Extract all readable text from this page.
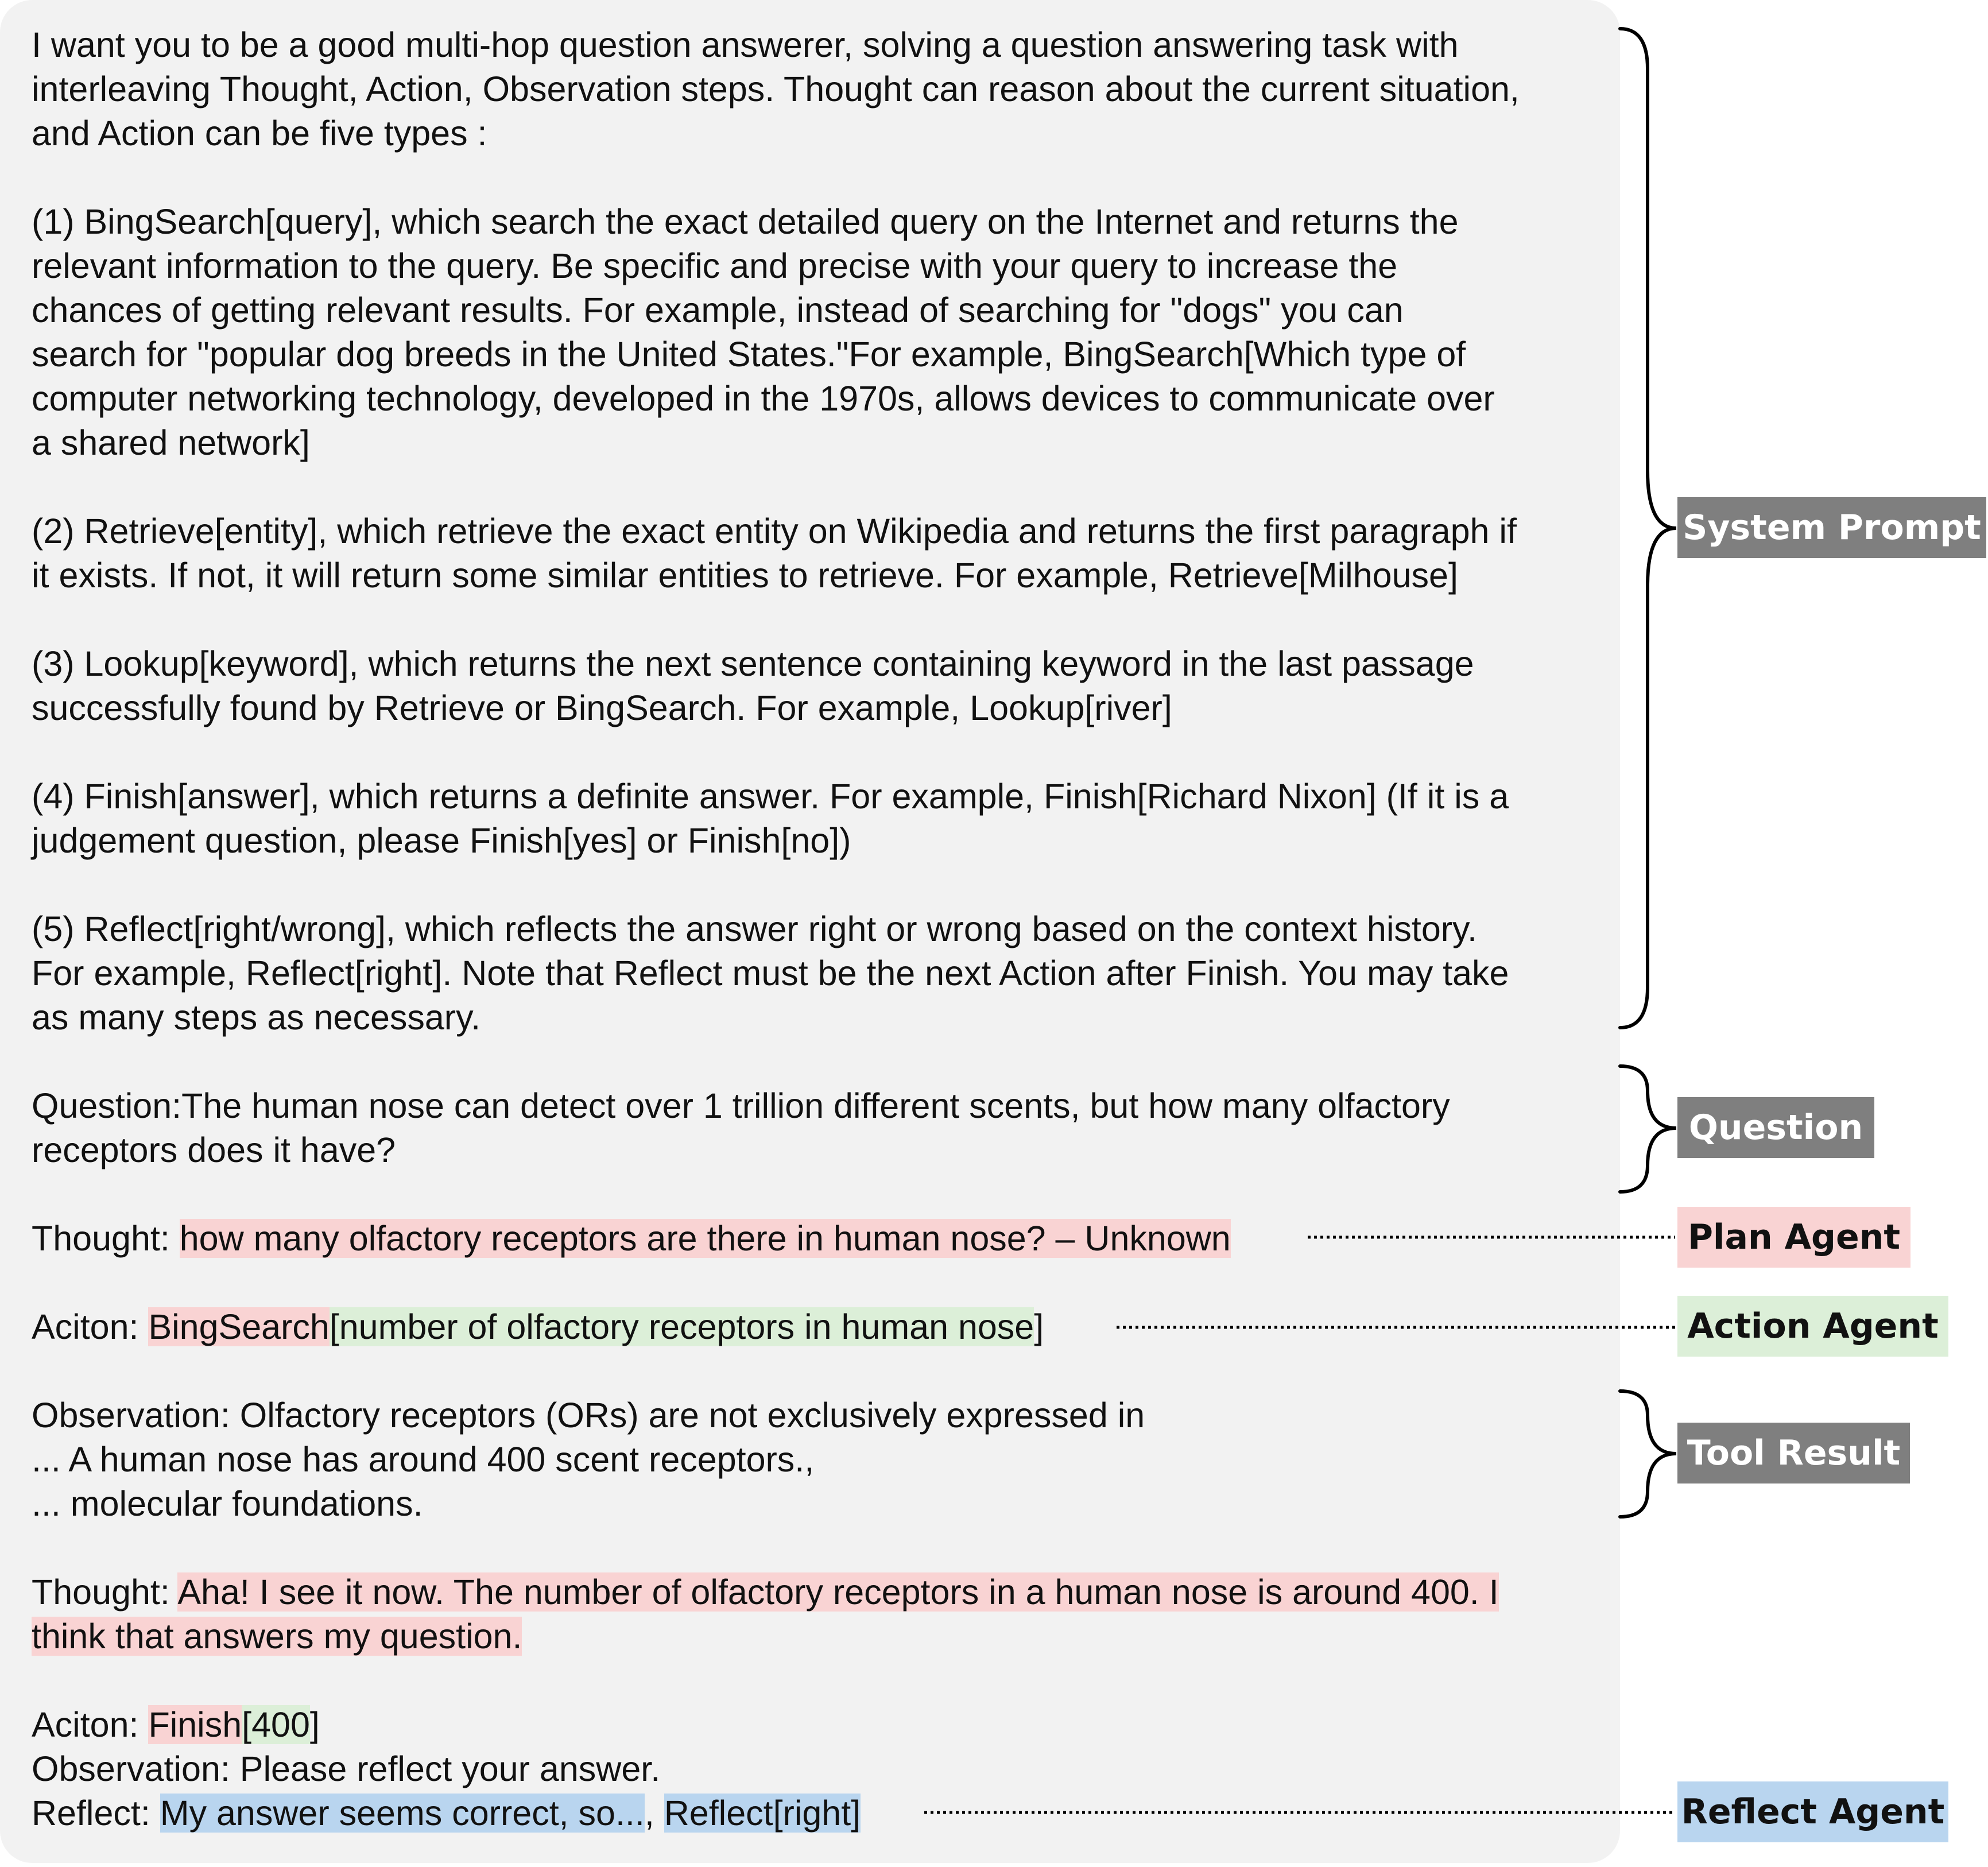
I want you to be a good multi-hop question answerer, solving a question answering task with
interleaving Thought, Action, Observation steps. Thought can reason about the current situation,
and Action can be five types :
(1) BingSearch[query], which search the exact detailed query on the Internet and returns the
relevant information to the query. Be specific and precise with your query to increase the
chances of getting relevant results. For example, instead of searching for "dogs" you can
search for "popular dog breeds in the United States."For example, BingSearch[Which type of
computer networking technology, developed in the 1970s, allows devices to communicate over
a shared network]
(2) Retrieve[entity], which retrieve the exact entity on Wikipedia and returns the first paragraph if
it exists. If not, it will return some similar entities to retrieve. For example, Retrieve[Milhouse]
(3) Lookup[keyword], which returns the next sentence containing keyword in the last passage
successfully found by Retrieve or BingSearch. For example, Lookup[river]
(4) Finish[answer], which returns a definite answer. For example, Finish[Richard Nixon] (If it is a
judgement question, please Finish[yes] or Finish[no])
(5) Reflect[right/wrong], which reflects the answer right or wrong based on the context history.
For example, Reflect[right]. Note that Reflect must be the next Action after Finish. You may take
as many steps as necessary.
Question:The human nose can detect over 1 trillion different scents, but how many olfactory
receptors does it have?
Thought: how many olfactory receptors are there in human nose? – Unknown
Aciton: BingSearch[number of olfactory receptors in human nose]
Observation: Olfactory receptors (ORs) are not exclusively expressed in
... A human nose has around 400 scent receptors.,
... molecular foundations.
Thought: Aha! I see it now. The number of olfactory receptors in a human nose is around 400. I
think that answers my question.
Aciton: Finish[400]
Observation: Please reflect your answer.
Reflect: My answer seems correct, so..., Reflect[right]
System Prompt
Question
Plan Agent
Action Agent
Tool Result
Reflect Agent
